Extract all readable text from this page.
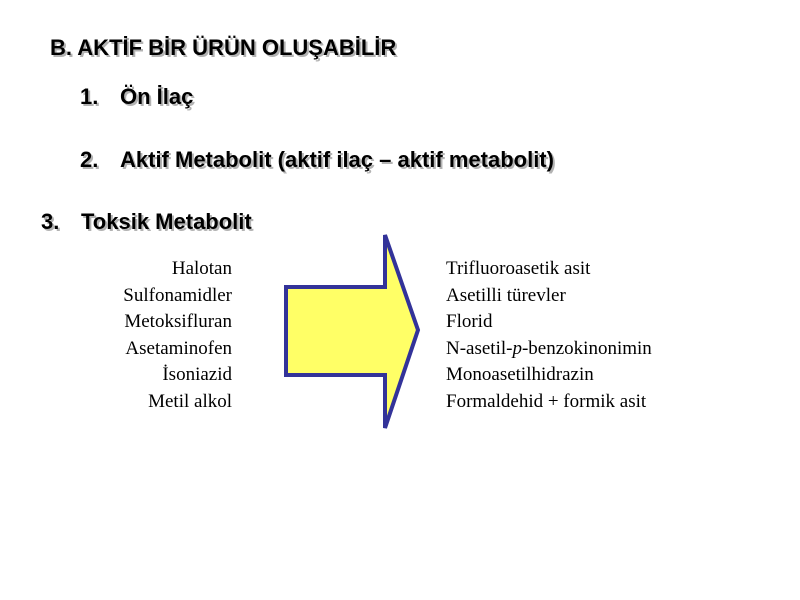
B. AKTİF BİR ÜRÜN OLUŞABİLİR
1. Ön İlaç
2. Aktif Metabolit (aktif ilaç – aktif metabolit)
3. Toksik Metabolit
Halotan
Sulfonamidler
Metoksifluran
Asetaminofen
İsoniazid
Metil alkol
Trifluoroasetik asit
Asetilli türevler
Florid
N-asetil-p-benzokinonimin
Monoasetilhidrazin
Formaldehid + formik asit
